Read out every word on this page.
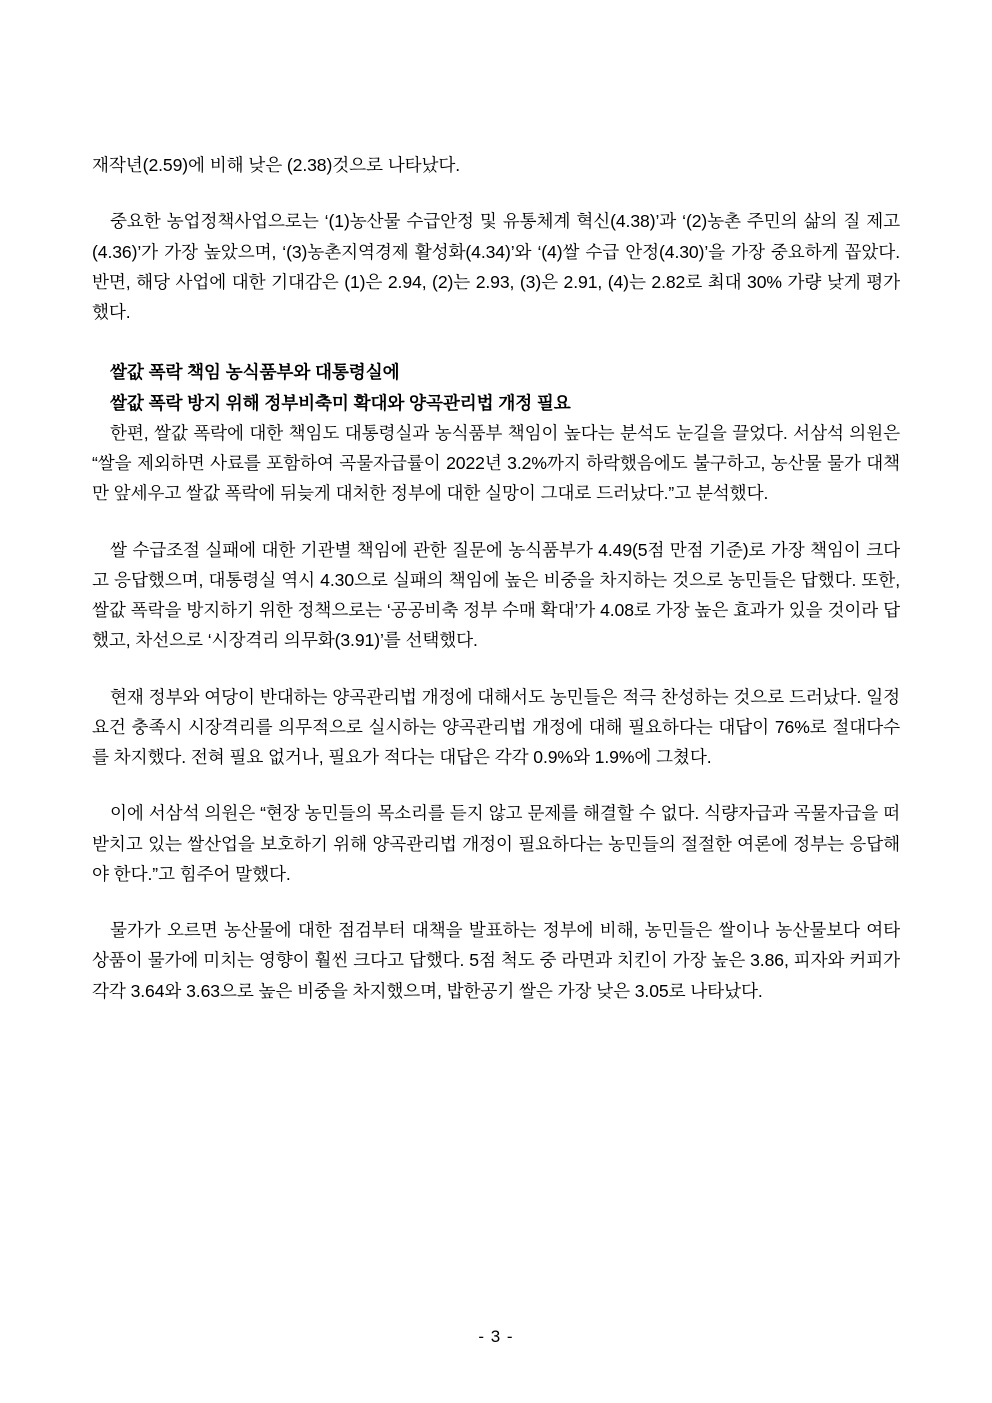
재작년(2.59)에 비해 낮은 (2.38)것으로 나타났다.

중요한 농업정책사업으로는 ‘(1)농산물 수급안정 및 유통체계 혁신(4.38)’과 ‘(2)농촌 주민의 삶의 질 제고(4.36)’가 가장 높았으며, ‘(3)농촌지역경제 활성화(4.34)’와 ‘(4)쌀 수급 안정(4.30)’을 가장 중요하게 꼽았다. 반면, 해당 사업에 대한 기대감은 (1)은 2.94, (2)는 2.93, (3)은 2.91, (4)는 2.82로 최대 30% 가량 낮게 평가했다.

쌀값 폭락 책임 농식품부와 대통령실에

쌀값 폭락 방지 위해 정부비축미 확대와 양곡관리법 개정 필요

한편, 쌀값 폭락에 대한 책임도 대통령실과 농식품부 책임이 높다는 분석도 눈길을 끌었다. 서삼석 의원은 “쌀을 제외하면 사료를 포함하여 곡물자급률이 2022년 3.2%까지 하락했음에도 불구하고, 농산물 물가 대책만 앞세우고 쌀값 폭락에 뒤늦게 대처한 정부에 대한 실망이 그대로 드러났다.”고 분석했다.

쌀 수급조절 실패에 대한 기관별 책임에 관한 질문에 농식품부가 4.49(5점 만점 기준)로 가장 책임이 크다고 응답했으며, 대통령실 역시 4.30으로 실패의 책임에 높은 비중을 차지하는 것으로 농민들은 답했다. 또한, 쌀값 폭락을 방지하기 위한 정책으로는 ‘공공비축 정부 수매 확대’가 4.08로 가장 높은 효과가 있을 것이라 답했고, 차선으로 ‘시장격리 의무화(3.91)’를 선택했다.

현재 정부와 여당이 반대하는 양곡관리법 개정에 대해서도 농민들은 적극 찬성하는 것으로 드러났다. 일정요건 충족시 시장격리를 의무적으로 실시하는 양곡관리법 개정에 대해 필요하다는 대답이 76%로 절대다수를 차지했다. 전혀 필요 없거나, 필요가 적다는 대답은 각각 0.9%와 1.9%에 그쳤다.

이에 서삼석 의원은 “현장 농민들의 목소리를 듣지 않고 문제를 해결할 수 없다. 식량자급과 곡물자급을 떠받치고 있는 쌀산업을 보호하기 위해 양곡관리법 개정이 필요하다는 농민들의 절절한 여론에 정부는 응답해야 한다.”고 힘주어 말했다.

물가가 오르면 농산물에 대한 점검부터 대책을 발표하는 정부에 비해, 농민들은 쌀이나 농산물보다 여타 상품이 물가에 미치는 영향이 훨씬 크다고 답했다. 5점 척도 중 라면과 치킨이 가장 높은 3.86, 피자와 커피가 각각 3.64와 3.63으로 높은 비중을 차지했으며, 밥한공기 쌀은 가장 낮은 3.05로 나타났다.

- 3 -
